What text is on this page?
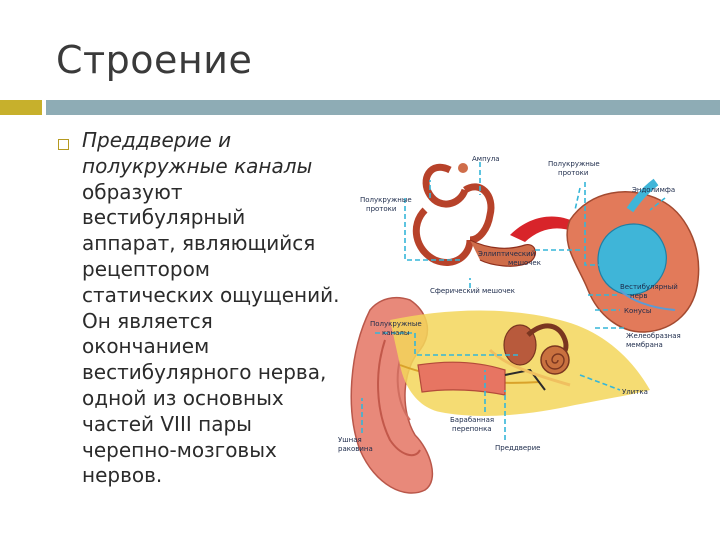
Строение
Преддверие и
полукружные каналы
образуют
вестибулярный
аппарат, являющийся
рецептором
статических ощущений.
Он является
окончанием
вестибулярного нерва,
одной из основных
частей VIII пары
черепно-мозговых
нервов.
Ампула
Полукружные
протоки
Эндолимфа
Полукружные
протоки
Эллиптический
мешочек
Сферический мешочек	Вестибулярный
нерв
Конусы
Желеобразная
мембрана
Полукружные
каналы
Улитка
Барабанная
перепонка
Преддверие
Ушная
раковина
